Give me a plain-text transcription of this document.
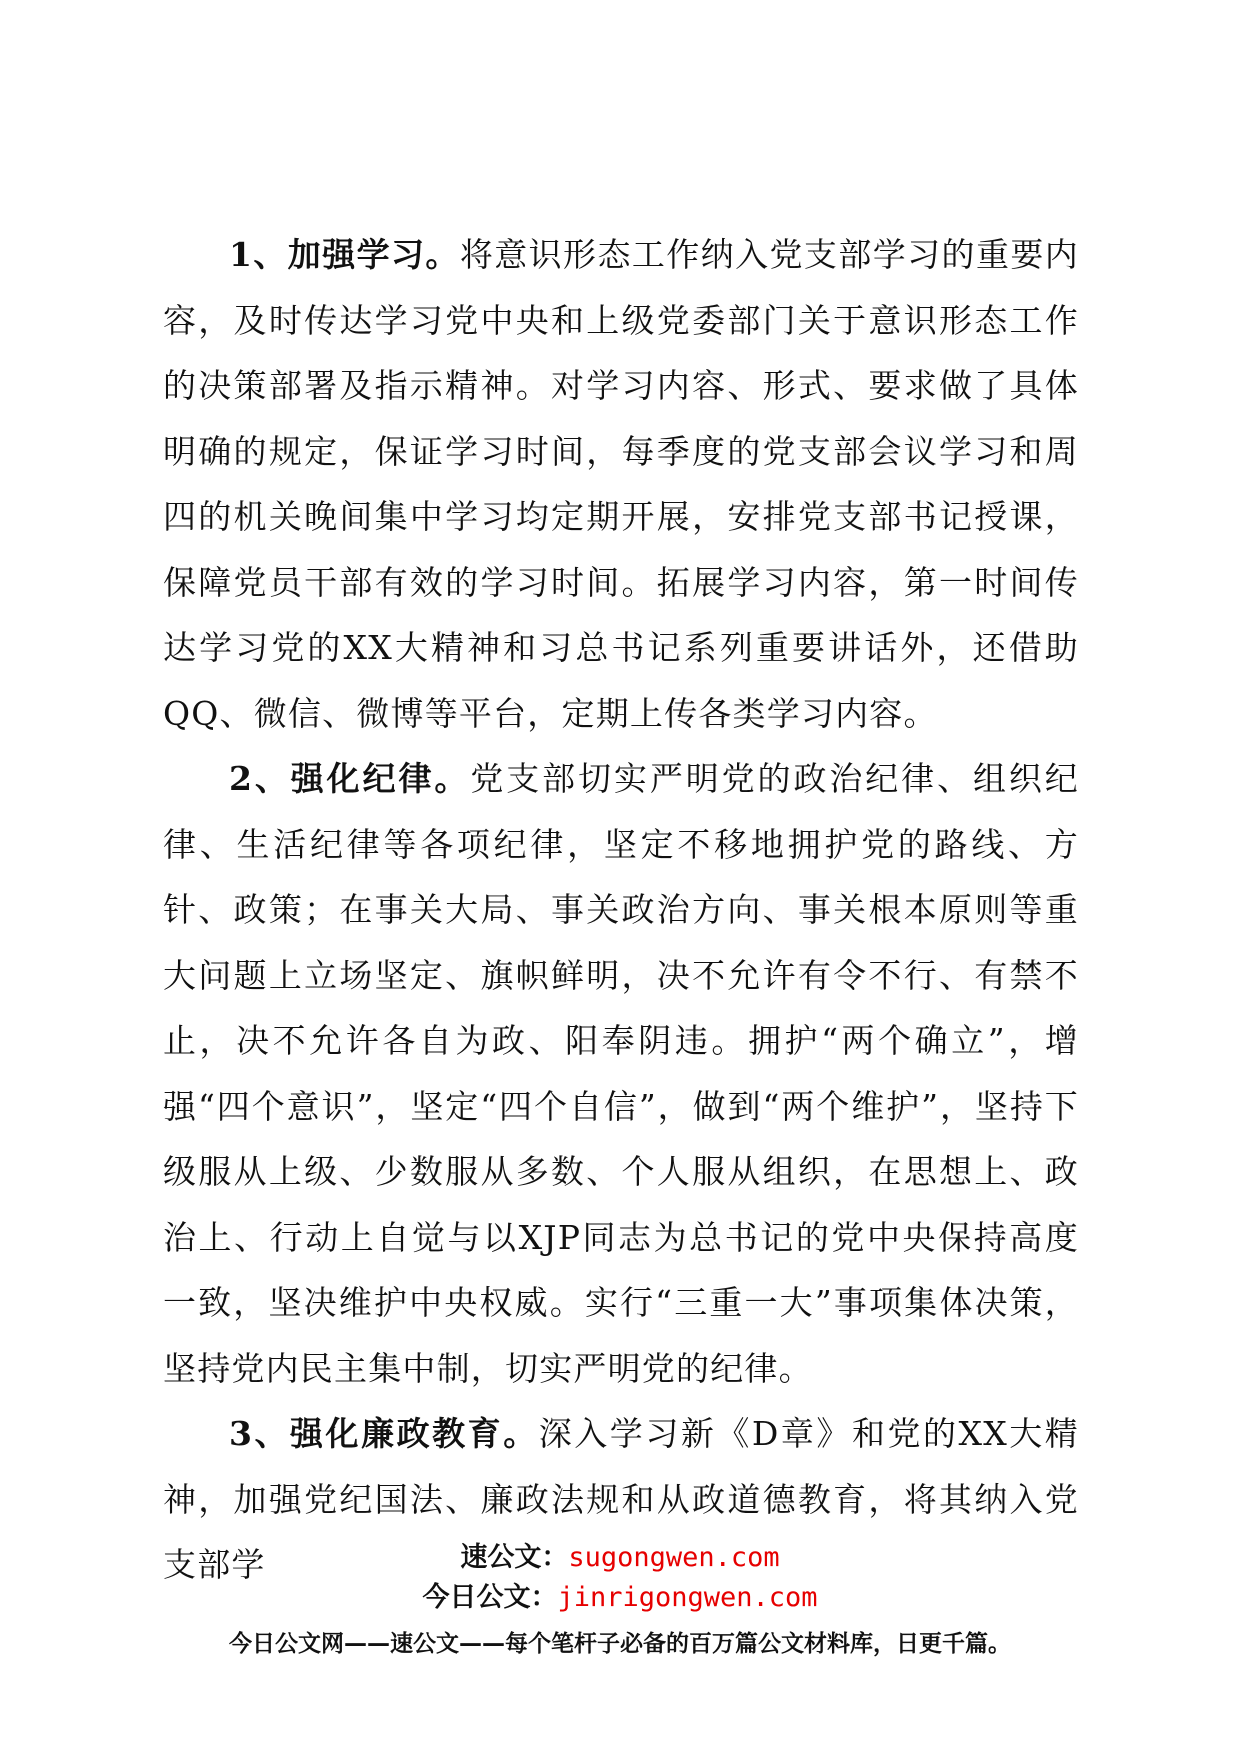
1、加强学习。将意识形态工作纳入党支部学习的重要内容，及时传达学习党中央和上级党委部门关于意识形态工作的决策部署及指示精神。对学习内容、形式、要求做了具体明确的规定，保证学习时间，每季度的党支部会议学习和周四的机关晚间集中学习均定期开展，安排党支部书记授课，保障党员干部有效的学习时间。拓展学习内容，第一时间传达学习党的XX大精神和习总书记系列重要讲话外，还借助QQ、微信、微博等平台，定期上传各类学习内容。

2、强化纪律。党支部切实严明党的政治纪律、组织纪律、生活纪律等各项纪律，坚定不移地拥护党的路线、方针、政策；在事关大局、事关政治方向、事关根本原则等重大问题上立场坚定、旗帜鲜明，决不允许有令不行、有禁不止，决不允许各自为政、阳奉阴违。拥护“两个确立”，增强“四个意识”，坚定“四个自信”，做到“两个维护”，坚持下级服从上级、少数服从多数、个人服从组织，在思想上、政治上、行动上自觉与以XJP同志为总书记的党中央保持高度一致，坚决维护中央权威。实行“三重一大”事项集体决策，坚持党内民主集中制，切实严明党的纪律。

3、强化廉政教育。深入学习新《D章》和党的XX大精神，加强党纪国法、廉政法规和从政道德教育，将其纳入党支部学	速公文：sugongwen.com
今日公文：jinrigongwen.com
今日公文网——速公文——每个笔杆子必备的百万篇公文材料库，日更千篇。
